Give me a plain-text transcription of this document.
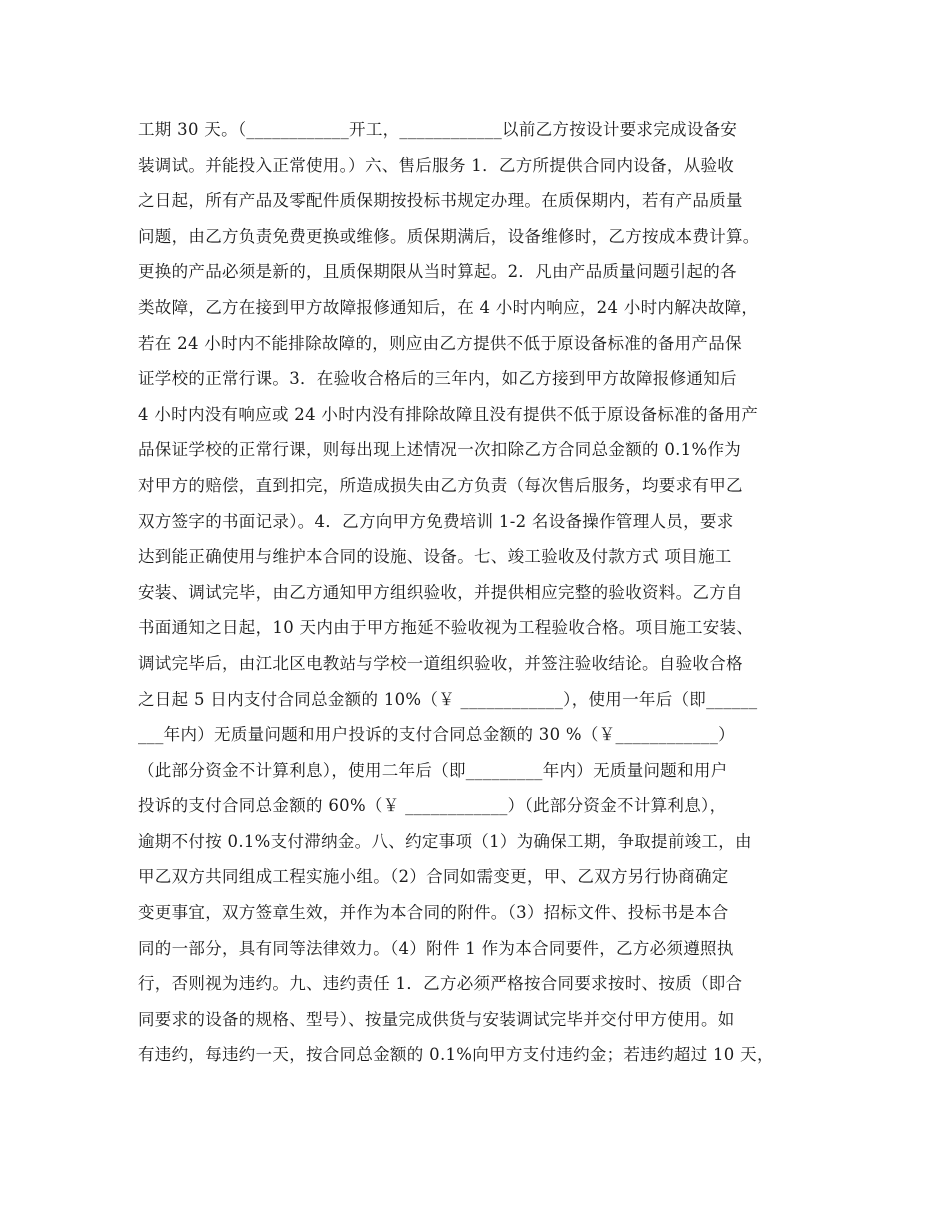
工期 30 天。（____________开工，____________以前乙方按设计要求完成设备安
装调试。并能投入正常使用。）六、售后服务 1．乙方所提供合同内设备，从验收
之日起，所有产品及零配件质保期按投标书规定办理。在质保期内，若有产品质量
问题，由乙方负责免费更换或维修。质保期满后，设备维修时，乙方按成本费计算。
更换的产品必须是新的，且质保期限从当时算起。2．凡由产品质量问题引起的各
类故障，乙方在接到甲方故障报修通知后，在 4 小时内响应，24 小时内解决故障，
若在 24 小时内不能排除故障的，则应由乙方提供不低于原设备标准的备用产品保
证学校的正常行课。3．在验收合格后的三年内，如乙方接到甲方故障报修通知后
4 小时内没有响应或 24 小时内没有排除故障且没有提供不低于原设备标准的备用产
品保证学校的正常行课，则每出现上述情况一次扣除乙方合同总金额的 0.1%作为
对甲方的赔偿，直到扣完，所造成损失由乙方负责（每次售后服务，均要求有甲乙
双方签字的书面记录）。4．乙方向甲方免费培训 1-2 名设备操作管理人员，要求
达到能正确使用与维护本合同的设施、设备。七、竣工验收及付款方式 项目施工
安装、调试完毕，由乙方通知甲方组织验收，并提供相应完整的验收资料。乙方自
书面通知之日起，10 天内由于甲方拖延不验收视为工程验收合格。项目施工安装、
调试完毕后，由江北区电教站与学校一道组织验收，并签注验收结论。自验收合格
之日起 5 日内支付合同总金额的 10%（￥ ____________），使用一年后（即______
___年内）无质量问题和用户投诉的支付合同总金额的 30 %（￥____________）
（此部分资金不计算利息），使用二年后（即_________年内）无质量问题和用户
投诉的支付合同总金额的 60%（￥ ____________）（此部分资金不计算利息），
逾期不付按 0.1%支付滞纳金。八、约定事项（1）为确保工期，争取提前竣工，由
甲乙双方共同组成工程实施小组。（2）合同如需变更，甲、乙双方另行协商确定
变更事宜，双方签章生效，并作为本合同的附件。（3）招标文件、投标书是本合
同的一部分，具有同等法律效力。（4）附件 1 作为本合同要件，乙方必须遵照执
行，否则视为违约。九、违约责任 1．乙方必须严格按合同要求按时、按质（即合
同要求的设备的规格、型号）、按量完成供货与安装调试完毕并交付甲方使用。如
有违约，每违约一天，按合同总金额的 0.1%向甲方支付违约金；若违约超过 10 天，
